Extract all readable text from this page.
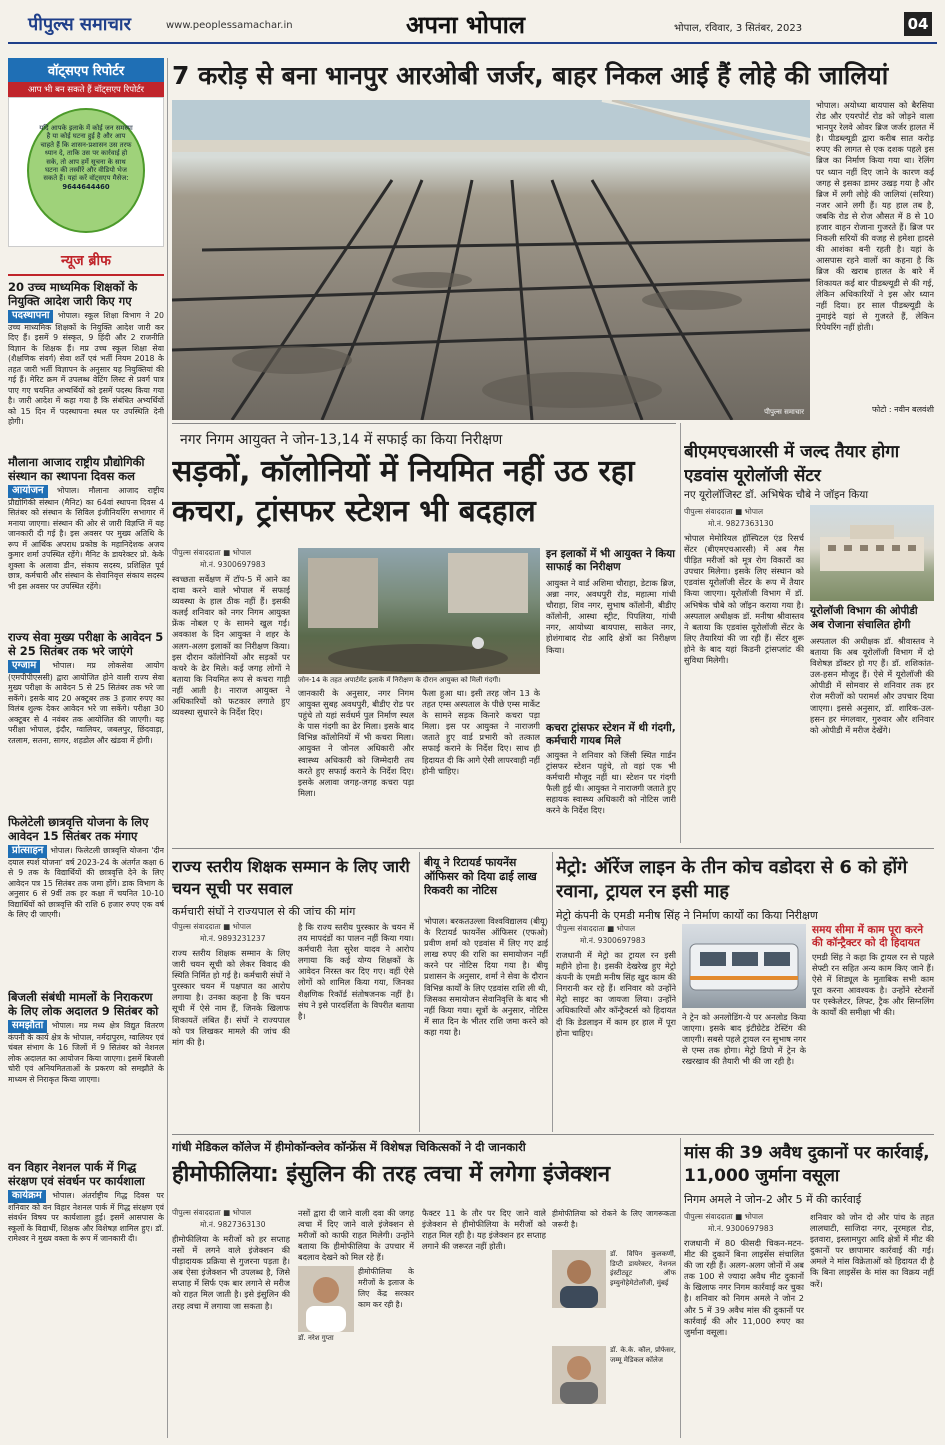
पीपुल्स समाचार	www.peoplessamachar.in	अपना भोपाल	भोपाल, रविवार, 3 सितंबर, 2023	04
वॉट्सएप रिपोर्टर
आप भी बन सकते हैं वॉट्सएप रिपोर्टर
यदि आपके इलाके में कोई जन समस्या है या कोई घटना हुई है और आप चाहते हैं कि शासन-प्रशासन उस तरफ ध्यान दे, ताकि उस पर कार्रवाई हो सके, तो आप हमें सूचना के साथ घटना की तस्वीरें और वीडियो भेज सकते हैं। यहां करें वॉट्सएप मैसेज:
9644644460
न्यूज ब्रीफ
20 उच्च माध्यमिक शिक्षकों के नियुक्ति आदेश जारी किए गए
पदस्थापना भोपाल। स्कूल शिक्षा विभाग ने 20 उच्च माध्यमिक शिक्षकों के नियुक्ति आदेश जारी कर दिए हैं। इसमें 9 संस्कृत, 9 हिंदी और 2 राजनीति विज्ञान के शिक्षक हैं। मप्र उच्च स्कूल शिक्षा सेवा (शैक्षणिक संवर्ग) सेवा शर्तें एवं भर्ती नियम 2018 के तहत जारी भर्ती विज्ञापन के अनुसार यह नियुक्तियां की गई हैं। मेरिट क्रम में उपलब्ध वेटिंग लिस्ट से प्रवर्ग पात्र पाए गए चयनित अभ्यर्थियों को इसमें पदस्थ किया गया है। जारी आदेश में कहा गया है कि संबंधित अभ्यर्थियों को 15 दिन में पदस्थापना स्थल पर उपस्थिति देनी होगी।
मौलाना आजाद राष्ट्रीय प्रौद्योगिकी संस्थान का स्थापना दिवस कल
आयोजन भोपाल। मौलाना आजाद राष्ट्रीय प्रौद्योगिकी संस्थान (मैनिट) का 64वां स्थापना दिवस 4 सितंबर को संस्थान के सिविल इंजीनियरिंग सभागार में मनाया जाएगा। संस्थान की ओर से जारी विज्ञप्ति में यह जानकारी दी गई है। इस अवसर पर मुख्य अतिथि के रूप में आर्थिक अपराध प्रकोष्ठ के महानिदेशक अजय कुमार शर्मा उपस्थित रहेंगे। मैनिट के डायरेक्टर प्रो. केके शुक्ला के अलावा डीन, संकाय सदस्य, प्रशिक्षित पूर्व छात्र, कर्मचारी और संस्थान के सेवानिवृत्त संकाय सदस्य भी इस अवसर पर उपस्थित रहेंगे।
राज्य सेवा मुख्य परीक्षा के आवेदन 5 से 25 सितंबर तक भरे जाएंगे
एग्जाम भोपाल। मप्र लोकसेवा आयोग (एमपीपीएससी) द्वारा आयोजित होने वाली राज्य सेवा मुख्य परीक्षा के आवेदन 5 से 25 सितंबर तक भरे जा सकेंगे। इसके बाद 20 अक्टूबर तक 3 हजार रुपए का विलंब शुल्क देकर आवेदन भरे जा सकेंगे। परीक्षा 30 अक्टूबर से 4 नवंबर तक आयोजित की जाएगी। यह परीक्षा भोपाल, इंदौर, ग्वालियर, जबलपुर, छिंदवाड़ा, रतलाम, सतना, सागर, शहडोल और खंडवा में होगी।
फिलेटेली छात्रवृत्ति योजना के लिए आवेदन 15 सितंबर तक मंगाए
प्रोत्साहन भोपाल। फिलेटली छात्रवृत्ति योजना 'दीन दयाल स्पर्श योजना' वर्ष 2023-24 के अंतर्गत कक्षा 6 से 9 तक के विद्यार्थियों की छात्रवृत्ति देने के लिए आवेदन पत्र 15 सितंबर तक जमा होंगे। डाक विभाग के अनुसार 6 से 9वीं तक हर कक्षा में चयनित 10-10 विद्यार्थियों को छात्रवृत्ति की राशि 6 हजार रुपए एक वर्ष के लिए दी जाएगी।
बिजली संबंधी मामलों के निराकरण के लिए लोक अदालत 9 सितंबर को
समझौता भोपाल। मप्र मध्य क्षेत्र विद्युत वितरण कंपनी के कार्य क्षेत्र के भोपाल, नर्मदापुरम, ग्वालियर एवं चंबल संभाग के 16 जिलों में 9 सितंबर को नेशनल लोक अदालत का आयोजन किया जाएगा। इसमें बिजली चोरी एवं अनियमितताओं के प्रकरण को समझौते के माध्यम से निराकृत किया जाएगा।
वन विहार नेशनल पार्क में गिद्ध संरक्षण एवं संवर्धन पर कार्यशाला
कार्यक्रम भोपाल। अंतर्राष्ट्रीय गिद्ध दिवस पर शनिवार को वन विहार नेशनल पार्क में गिद्ध संरक्षण एवं संवर्धन विषय पर कार्यशाला हुई। इसमें आसपास के स्कूलों के विद्यार्थी, शिक्षक और विशेषज्ञ शामिल हुए। डॉ. रामेश्वर ने मुख्य वक्ता के रूप में जानकारी दी।
7 करोड़ से बना भानपुर आरओबी जर्जर, बाहर निकल आई हैं लोहे की जालियां
पीपुल्स समाचार
भोपाल। अयोध्या बायपास को बैरसिया रोड और एयरपोर्ट रोड को जोड़ने वाला भानपुर रेलवे ओवर ब्रिज जर्जर हालत में है। पीडब्ल्यूडी द्वारा करीब सात करोड़ रुपए की लागत से एक दशक पहले इस ब्रिज का निर्माण किया गया था। रेलिंग पर ध्यान नहीं दिए जाने के कारण कई जगह से इसका डामर उखड़ गया है और ब्रिज में लगी लोहे की जालियां (सरिया) नजर आने लगी हैं। यह हाल तब है, जबकि रोड से रोज औसत में 8 से 10 हजार वाहन रोजाना गुजरते हैं। ब्रिज पर निकली सरियों की वजह से हमेशा हादसे की आशंका बनी रहती है। यहां के आसपास रहने वालों का कहना है कि ब्रिज की खराब हालत के बारे में शिकायत कई बार पीडब्ल्यूडी से की गई, लेकिन अधिकारियों ने इस ओर ध्यान नहीं दिया। हर साल पीडब्ल्यूडी के नुमाइंदे यहां से गुजरते हैं, लेकिन रिपेयरिंग नहीं होती।
फोटो : नवीन बलवंशी
नगर निगम आयुक्त ने जोन-13,14 में सफाई का किया निरीक्षण
सड़कों, कॉलोनियों में नियमित नहीं उठ रहा कचरा, ट्रांसफर स्टेशन भी बदहाल
पीपुल्स संवाददाता ■ भोपाल
मो.नं. 9300697983
जोन-14 के तहत अपार्टमेंट इलाके में निरीक्षण के दौरान आयुक्त को मिली गंदगी।
स्वच्छता सर्वेक्षण में टॉप-5 में आने का दावा करने वाले भोपाल में सफाई व्यवस्था के हाल ठीक नहीं हैं। इसकी कलई शनिवार को नगर निगम आयुक्त फ्रेंक नोबल ए के सामने खुल गई। अवकाश के दिन आयुक्त ने शहर के अलग-अलग इलाकों का निरीक्षण किया। इस दौरान कॉलोनियों और सड़कों पर कचरे के ढेर मिले। कई जगह लोगों ने बताया कि नियमित रूप से कचरा गाड़ी नहीं आती है। नाराज आयुक्त ने अधिकारियों को फटकार लगाते हुए व्यवस्था सुधारने के निर्देश दिए।
जानकारी के अनुसार, नगर निगम आयुक्त सुबह अवधपुरी, बीडीए रोड पर पहुंचे तो यहां सर्वधर्म पुल निर्माण स्थल के पास गंदगी का ढेर मिला। इसके बाद विभिन्न कॉलोनियों में भी कचरा मिला। आयुक्त ने जोनल अधिकारी और स्वास्थ्य अधिकारी को जिम्मेदारी तय करते हुए सफाई कराने के निर्देश दिए। इसके अलावा जगह-जगह कचरा पड़ा मिला।
फैला हुआ था। इसी तरह जोन 13 के तहत एम्स अस्पताल के पीछे एम्स मार्केट के सामने सड़क किनारे कचरा पड़ा मिला। इस पर आयुक्त ने नाराजगी जताते हुए वार्ड प्रभारी को तत्काल सफाई कराने के निर्देश दिए। साथ ही हिदायत दी कि आगे ऐसी लापरवाही नहीं होनी चाहिए।
इन इलाकों में भी आयुक्त ने किया साफाई का निरीक्षण
आयुक्त ने वार्ड अशिमा चौराहा, डेटाक ब्रिज, अन्ना नगर, अवधपुरी रोड, महात्मा गांधी चौराहा, शिव नगर, सुभाष कॉलोनी, बीडीए कॉलोनी, आस्था स्ट्रीट, पिपलिया, गांधी नगर, आयोध्या बायपास, साकेत नगर, होशंगाबाद रोड आदि क्षेत्रों का निरीक्षण किया।
कचरा ट्रांसफर स्टेशन में थी गंदगी, कर्मचारी गायब मिले
आयुक्त ने शनिवार को जिंसी स्थित गार्डन ट्रांसफर स्टेशन पहुंचे, तो वहां एक भी कर्मचारी मौजूद नहीं था। स्टेशन पर गंदगी फैली हुई थी। आयुक्त ने नाराजगी जताते हुए सहायक स्वास्थ्य अधिकारी को नोटिस जारी करने के निर्देश दिए।
बीएमएचआरसी में जल्द तैयार होगा एडवांस यूरोलॉजी सेंटर
नए यूरोलॉजिस्ट डॉ. अभिषेक चौबे ने जॉइन किया
पीपुल्स संवाददाता ■ भोपाल
मो.नं. 9827363130
भोपाल मेमोरियल हॉस्पिटल एंड रिसर्च सेंटर (बीएमएचआरसी) में अब गैस पीड़ित मरीजों को मूत्र रोग विकारों का उपचार मिलेगा। इसके लिए संस्थान को एडवांस यूरोलॉजी सेंटर के रूप में तैयार किया जाएगा। यूरोलॉजी विभाग में डॉ. अभिषेक चौबे को जॉइन कराया गया है। अस्पताल अधीक्षक डॉ. मनीषा श्रीवास्तव ने बताया कि एडवांस यूरोलॉजी सेंटर के लिए तैयारियां की जा रही हैं। सेंटर शुरू होने के बाद यहां किडनी ट्रांसप्लांट की सुविधा मिलेगी।
यूरोलॉजी विभाग की ओपीडी अब रोजाना संचालित होगी
अस्पताल की अधीक्षक डॉ. श्रीवास्तव ने बताया कि अब यूरोलॉजी विभाग में दो विशेषज्ञ डॉक्टर हो गए हैं। डॉ. शशिकांत-उल-हसन मौजूद हैं। ऐसे में यूरोलॉजी की ओपीडी में सोमवार से शनिवार तक हर रोज मरीजों को परामर्श और उपचार दिया जाएगा। इससे अनुसार, डॉ. शारिक-उल-हसन हर मंगलवार, गुरुवार और शनिवार को ओपीडी में मरीज देखेंगे।
राज्य स्तरीय शिक्षक सम्मान के लिए जारी चयन सूची पर सवाल
कर्मचारी संघों ने राज्यपाल से की जांच की मांग
पीपुल्स संवाददाता ■ भोपाल
मो.नं. 9893231237
राज्य स्तरीय शिक्षक सम्मान के लिए जारी चयन सूची को लेकर विवाद की स्थिति निर्मित हो गई है। कर्मचारी संघों ने पुरस्कार चयन में पक्षपात का आरोप लगाया है। उनका कहना है कि चयन सूची में ऐसे नाम हैं, जिनके खिलाफ शिकायतें लंबित हैं। संघों ने राज्यपाल को पत्र लिखकर मामले की जांच की मांग की है।
है कि राज्य स्तरीय पुरस्कार के चयन में तय मापदंडों का पालन नहीं किया गया। कर्मचारी नेता सुरेश यादव ने आरोप लगाया कि कई योग्य शिक्षकों के आवेदन निरस्त कर दिए गए। वहीं ऐसे लोगों को शामिल किया गया, जिनका शैक्षणिक रिकॉर्ड संतोषजनक नहीं है। संघ ने इसे पारदर्शिता के विपरीत बताया है।
बीयू ने रिटायर्ड फायनेंस ऑफिसर को दिया ढाई लाख रिकवरी का नोटिस
भोपाल। बरकतउल्ला विश्वविद्यालय (बीयू) के रिटायर्ड फायनेंस ऑफिसर (एफओ) प्रवीण शर्मा को एडवांस में लिए गए ढाई लाख रुपए की राशि का समायोजन नहीं करने पर नोटिस दिया गया है। बीयू प्रशासन के अनुसार, शर्मा ने सेवा के दौरान विभिन्न कार्यों के लिए एडवांस राशि ली थी, जिसका समायोजन सेवानिवृत्ति के बाद भी नहीं किया गया। सूत्रों के अनुसार, नोटिस में सात दिन के भीतर राशि जमा करने को कहा गया है।
मेट्रो: ऑरेंज लाइन के तीन कोच वडोदरा से 6 को होंगे रवाना, ट्रायल रन इसी माह
मेट्रो कंपनी के एमडी मनीष सिंह ने निर्माण कार्यों का किया निरीक्षण
पीपुल्स संवाददाता ■ भोपाल
मो.नं. 9300697983
राजधानी में मेट्रो का ट्रायल रन इसी महीने होना है। इसकी देखरेख हुए मेट्रो कंपनी के एमडी मनीष सिंह खुद काम की निगरानी कर रहे हैं। शनिवार को उन्होंने मेट्रो साइट का जायजा लिया। उन्होंने अधिकारियों और कॉन्ट्रैक्टर्स को हिदायत दी कि डेडलाइन में काम हर हाल में पूरा होना चाहिए।
ने ट्रेन को अनलोडिंग-ये पर अनलोड किया जाएगा। इसके बाद इंटीग्रेटेड टेस्टिंग की जाएगी। सबसे पहले ट्रायल रन सुभाष नगर से एम्स तक होगा। मेट्रो डिपो में ट्रेन के रखरखाव की तैयारी भी की जा रही है।
समय सीमा में काम पूरा करने की कॉन्ट्रैक्टर को दी हिदायत
एमडी सिंह ने कहा कि ट्रायल रन से पहले सेफ्टी रन सहित अन्य काम किए जाने हैं। ऐसे में शिड्यूल के मुताबिक सभी काम पूरा करना आवश्यक है। उन्होंने स्टेशनों पर एस्केलेटर, लिफ्ट, ट्रैक और सिग्नलिंग के कार्यों की समीक्षा भी की।
गांधी मेडिकल कॉलेज में हीमोकॉन्क्लेव कॉन्फ्रेंस में विशेषज्ञ चिकित्सकों ने दी जानकारी
हीमोफीलिया: इंसुलिन की तरह त्वचा में लगेगा इंजेक्शन
पीपुल्स संवाददाता ■ भोपाल
मो.नं. 9827363130
हीमोफीलिया के मरीजों को हर सप्ताह नसों में लगने वाले इंजेक्शन की पीड़ादायक प्रक्रिया से गुजरना पड़ता है। अब ऐसा इंजेक्शन भी उपलब्ध है, जिसे सप्ताह में सिर्फ एक बार लगाने से मरीज को राहत मिल जाती है। इसे इंसुलिन की तरह त्वचा में लगाया जा सकता है।
नसों द्वारा दी जाने वाली दवा की जगह त्वचा में दिए जाने वाले इंजेक्शन से मरीजों को काफी राहत मिलेगी। उन्होंने बताया कि हीमोफीलिया के उपचार में बदलाव देखने को मिल रहे हैं।
डॉ. नरेश गुप्ता
हीमोफीलिया के मरीजों के इलाज के लिए केंद्र सरकार काम कर रही है।
फैक्टर 11 के तौर पर दिए जाने वाले इंजेक्शन से हीमोफीलिया के मरीजों को राहत मिल रही है। यह इंजेक्शन हर सप्ताह लगाने की जरूरत नहीं होती।
हीमोफीलिया को रोकने के लिए जागरूकता जरूरी है।
डॉ. विपिन कुलकर्णी, डिप्टी डायरेक्टर, नेशनल इंस्टीट्यूट ऑफ इम्युनोहेमेटोलॉजी, मुंबई
डॉ. के.के. कौल, प्रोफेसर, जम्मू मेडिकल कॉलेज
मांस की 39 अवैध दुकानों पर कार्रवाई, 11,000 जुर्माना वसूला
निगम अमले ने जोन-2 और 5 में की कार्रवाई
पीपुल्स संवाददाता ■ भोपाल
मो.नं. 9300697983
राजधानी में 80 फीसदी चिकन-मटन-मीट की दुकानें बिना लाइसेंस संचालित की जा रही हैं। अलग-अलग जोनों में अब तक 100 से ज्यादा अवैध मीट दुकानों के खिलाफ नगर निगम कार्रवाई कर चुका है। शनिवार को निगम अमले ने जोन 2 और 5 में 39 अवैध मांस की दुकानों पर कार्रवाई की और 11,000 रुपए का जुर्माना वसूला।
शनिवार को जोन दो और पांच के तहत लालघाटी, साजिदा नगर, नूरमहल रोड, इतवारा, इस्लामपुरा आदि क्षेत्रों में मीट की दुकानों पर छापामार कार्रवाई की गई। अमले ने मांस विक्रेताओं को हिदायत दी है कि बिना लाइसेंस के मांस का विक्रय नहीं करें।
